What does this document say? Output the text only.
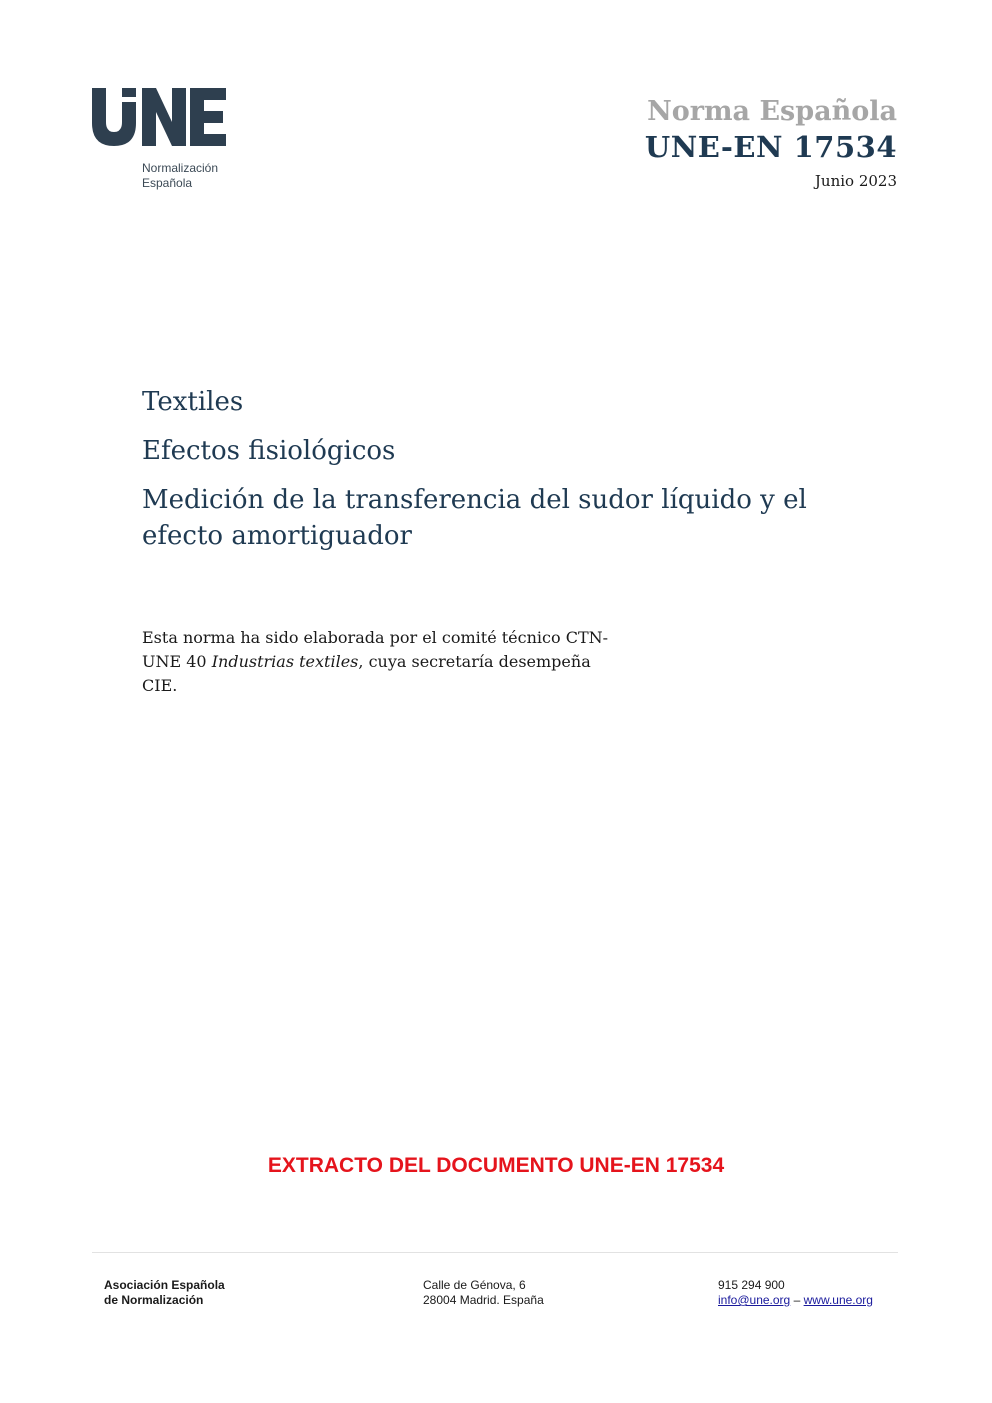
Normalización
Española
Norma Española
UNE-EN 17534
Junio 2023
Textiles
Efectos fisiológicos
Medición de la transferencia del sudor líquido y el efecto amortiguador
Esta norma ha sido elaborada por el comité técnico CTN-UNE 40 Industrias textiles, cuya secretaría desempeña CIE.
EXTRACTO DEL DOCUMENTO UNE-EN 17534
Asociación Española
de Normalización
Calle de Génova, 6
28004 Madrid. España
915 294 900
info@une.org – www.une.org
